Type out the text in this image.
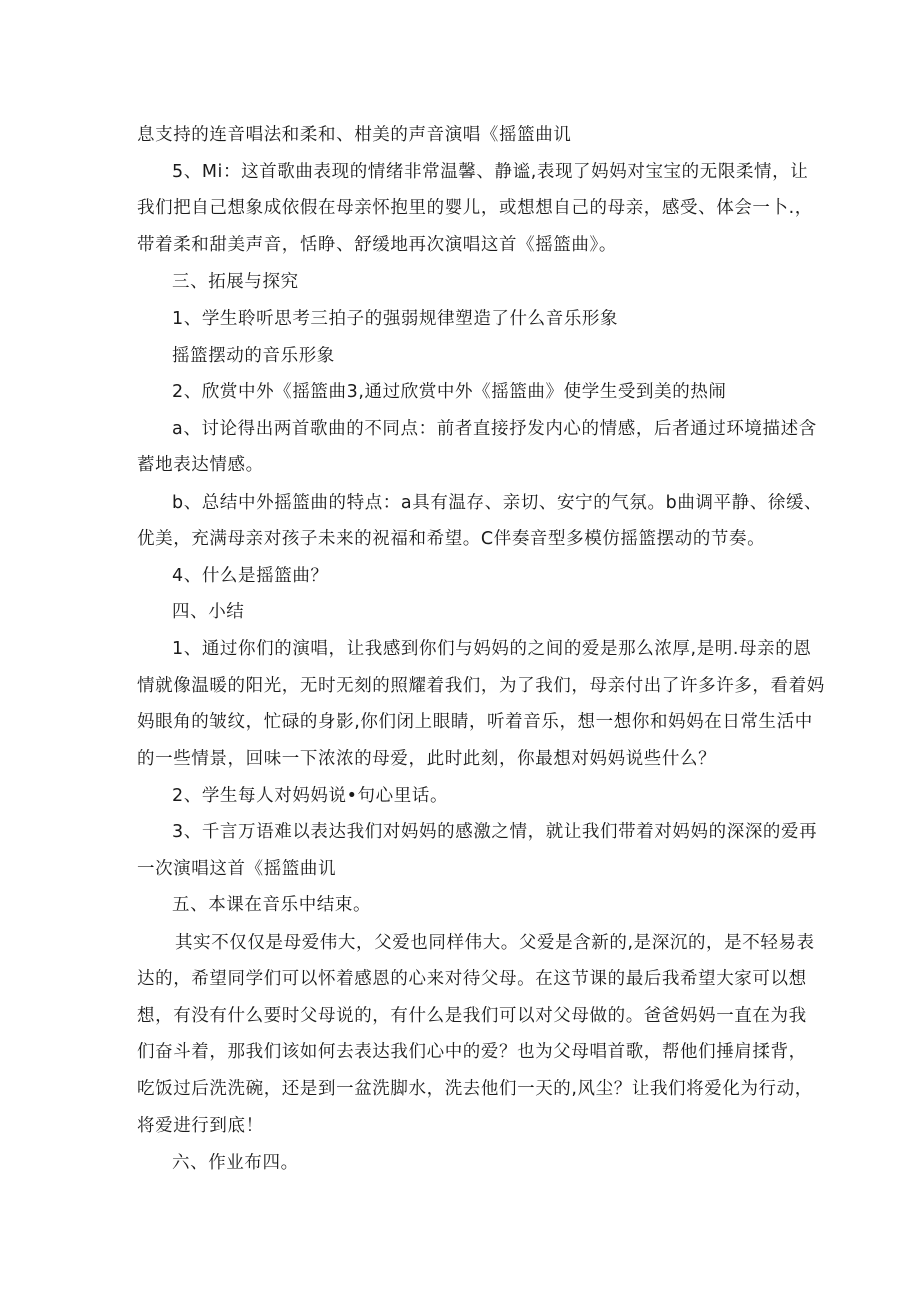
息支持的连音唱法和柔和、柑美的声音演唱《摇篮曲讥
5、Mi：这首歌曲表现的情绪非常温馨、静谧,表现了妈妈对宝宝的无限柔情，让
我们把自己想象成依假在母亲怀抱里的婴儿，或想想自己的母亲，感受、体会一卜.，
带着柔和甜美声音，恬睁、舒缓地再次演唱这首《摇篮曲》。
三、拓展与探究
1、学生聆听思考三拍子的强弱规律塑造了什么音乐形象
摇篮摆动的音乐形象
2、欣赏中外《摇篮曲3,通过欣赏中外《摇篮曲》使学生受到美的热闹
a、讨论得出两首歌曲的不同点：前者直接抒发内心的情感，后者通过环境描述含
蓄地表达情感。
b、总结中外摇篮曲的特点：a具有温存、亲切、安宁的气氛。b曲调平静、徐缓、
优美，充满母亲对孩子未来的祝福和希望。C伴奏音型多模仿摇篮摆动的节奏。
4、什么是摇篮曲？
四、小结
1、通过你们的演唱，让我感到你们与妈妈的之间的爱是那么浓厚,是明.母亲的恩
情就像温暖的阳光，无时无刻的照耀着我们，为了我们，母亲付出了许多许多，看着妈
妈眼角的皱纹，忙碌的身影,你们闭上眼睛，听着音乐，想一想你和妈妈在日常生活中
的一些情景，回味一下浓浓的母爱，此时此刻，你最想对妈妈说些什么？
2、学生每人对妈妈说•句心里话。
3、千言万语难以表达我们对妈妈的感激之情，就让我们带着对妈妈的深深的爱再
一次演唱这首《摇篮曲讥
五、本课在音乐中结束。
其实不仅仅是母爱伟大，父爱也同样伟大。父爱是含新的,是深沉的，是不轻易表
达的，希望同学们可以怀着感恩的心来对待父母。在这节课的最后我希望大家可以想
想，有没有什么要时父母说的，有什么是我们可以对父母做的。爸爸妈妈一直在为我
们奋斗着，那我们该如何去表达我们心中的爱？也为父母唱首歌，帮他们捶肩揉背，
吃饭过后洗洗碗，还是到一盆洗脚水，洗去他们一天的,风尘？让我们将爱化为行动，
将爱进行到底！
六、作业布四。
